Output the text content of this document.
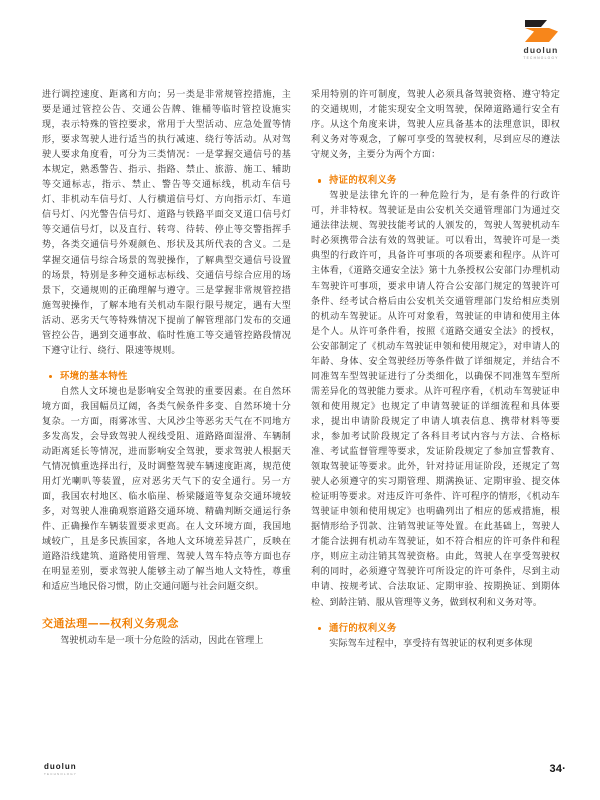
duolun
TECHNOLOGY

进行调控速度、距离和方向；另一类是非常规管控措施，主要是通过管控公告、交通公告牌、锥桶等临时管控设施实现，表示特殊的管控要求，常用于大型活动、应急处置等情形，要求驾驶人进行适当的执行减速、绕行等活动。从对驾驶人要求角度看，可分为三类情况：一是掌握交通信号的基本规定，熟悉警告、指示、指路、禁止、旅游、施工、辅助等交通标志，指示、禁止、警告等交通标线，机动车信号灯、非机动车信号灯、人行横道信号灯、方向指示灯、车道信号灯、闪光警告信号灯、道路与铁路平面交叉道口信号灯等交通信号灯，以及直行、转弯、待转、停止等交警指挥手势，各类交通信号外观颜色、形状及其所代表的含义。二是掌握交通信号综合场景的驾驶操作，了解典型交通信号设置的场景，特别是多种交通标志标线、交通信号综合应用的场景下，交通规则的正确理解与遵守。三是掌握非常规管控措施驾驶操作，了解本地有关机动车限行限号规定，遇有大型活动、恶劣天气等特殊情况下提前了解管理部门发布的交通管控公告，遇到交通事故、临时性施工等交通管控路段情况下遵守让行、绕行、限速等规则。

环境的基本特性

自然人文环境也是影响安全驾驶的重要因素。在自然环境方面，我国幅员辽阔，各类气候条件多变、自然环境十分复杂。一方面，雨雾冰雪、大风沙尘等恶劣天气在不同地方多发高发，会导致驾驶人视线受阻、道路路面湿滑、车辆制动距离延长等情况，进而影响安全驾驶，要求驾驶人根据天气情况慎重选择出行，及时调整驾驶车辆速度距离，规范使用灯光喇叭等装置，应对恶劣天气下的安全通行。另一方面，我国农村地区、临水临崖、桥梁隧道等复杂交通环境较多，对驾驶人准确观察道路交通环境、精确判断交通运行条件、正确操作车辆装置要求更高。在人文环境方面，我国地域较广，且是多民族国家，各地人文环境差异甚广，反映在道路沿线建筑、道路使用管理、驾驶人驾车特点等方面也存在明显差别，要求驾驶人能够主动了解当地人文特性，尊重和适应当地民俗习惯，防止交通问题与社会问题交织。

交通法理——权利义务观念

驾驶机动车是一项十分危险的活动，因此在管理上

采用特别的许可制度，驾驶人必须具备驾驶资格、遵守特定的交通规则，才能实现安全文明驾驶，保障道路通行安全有序。从这个角度来讲，驾驶人应具备基本的法理意识，即权利义务对等观念，了解可享受的驾驶权利，尽到应尽的遵法守规义务，主要分为两个方面：

持证的权利义务

驾驶是法律允许的一种危险行为，是有条件的行政许可，并非特权。驾驶证是由公安机关交通管理部门为通过交通法律法规、驾驶技能考试的人颁发的，驾驶人驾驶机动车时必须携带合法有效的驾驶证。可以看出，驾驶许可是一类典型的行政许可，具备许可事项的各项要素和程序。从许可主体看，《道路交通安全法》第十九条授权公安部门办理机动车驾驶许可事项，要求申请人符合公安部门规定的驾驶许可条件、经考试合格后由公安机关交通管理部门发给相应类别的机动车驾驶证。从许可对象看，驾驶证的申请和使用主体是个人。从许可条件看，按照《道路交通安全法》的授权，公安部制定了《机动车驾驶证申领和使用规定》，对申请人的年龄、身体、安全驾驶经历等条件做了详细规定，并结合不同准驾车型驾驶证进行了分类细化，以确保不同准驾车型所需差异化的驾驶能力要求。从许可程序看，《机动车驾驶证申领和使用规定》也规定了申请驾驶证的详细流程和具体要求，提出申请阶段规定了申请人填表信息、携带材料等要求，参加考试阶段规定了各科目考试内容与方法、合格标准、考试监督管理等要求，发证阶段规定了参加宣誓教育、领取驾驶证等要求。此外，针对持证用证阶段，还规定了驾驶人必须遵守的实习期管理、期满换证、定期审验、提交体检证明等要求。对违反许可条件、许可程序的情形，《机动车驾驶证申领和使用规定》也明确列出了相应的惩戒措施，根据情形给予罚款、注销驾驶证等处置。在此基础上，驾驶人才能合法拥有机动车驾驶证，如不符合相应的许可条件和程序，则应主动注销其驾驶资格。由此，驾驶人在享受驾驶权利的同时，必须遵守驾驶许可所设定的许可条件，尽到主动申请、按规考试、合法取证、定期审验、按期换证、到期体检、到龄注销、服从管理等义务，做到权利和义务对等。

通行的权利义务

实际驾车过程中，享受持有驾驶证的权利更多体现

duolun
TECHNOLOGY	34·
